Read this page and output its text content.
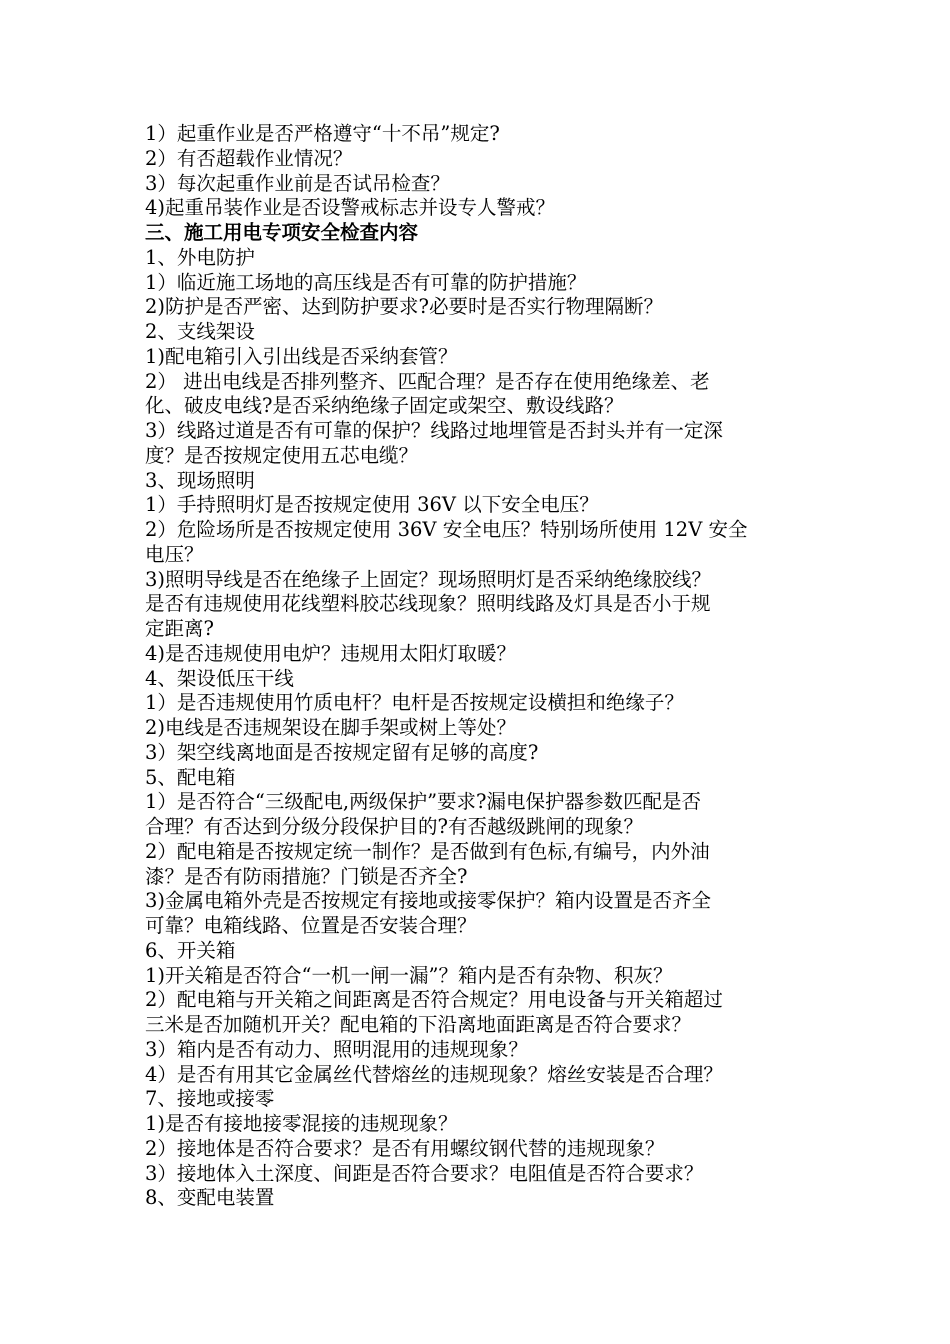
1）起重作业是否严格遵守“十不吊”规定?
2）有否超载作业情况？
3）每次起重作业前是否试吊检查？
4)起重吊装作业是否设警戒标志并设专人警戒？
三、施工用电专项安全检查内容
1、外电防护
1）临近施工场地的高压线是否有可靠的防护措施？
2)防护是否严密、达到防护要求?必要时是否实行物理隔断？
2、支线架设
1)配电箱引入引出线是否采纳套管？
2） 进出电线是否排列整齐、匹配合理？是否存在使用绝缘差、老
化、破皮电线?是否采纳绝缘子固定或架空、敷设线路？
3）线路过道是否有可靠的保护？线路过地埋管是否封头并有一定深
度？是否按规定使用五芯电缆？
3、现场照明
1）手持照明灯是否按规定使用 36V 以下安全电压？
2）危险场所是否按规定使用 36V 安全电压？特别场所使用 12V 安全
电压？
3)照明导线是否在绝缘子上固定？现场照明灯是否采纳绝缘胶线？
是否有违规使用花线塑料胶芯线现象？照明线路及灯具是否小于规
定距离?
4)是否违规使用电炉？违规用太阳灯取暖？
4、架设低压干线
1）是否违规使用竹质电杆？电杆是否按规定设横担和绝缘子？
2)电线是否违规架设在脚手架或树上等处？
3）架空线离地面是否按规定留有足够的高度?
5、配电箱
1）是否符合“三级配电,两级保护”要求?漏电保护器参数匹配是否
合理？有否达到分级分段保护目的?有否越级跳闸的现象？
2）配电箱是否按规定统一制作？是否做到有色标,有编号，内外油
漆？是否有防雨措施？门锁是否齐全?
3)金属电箱外壳是否按规定有接地或接零保护？箱内设置是否齐全
可靠？电箱线路、位置是否安装合理？
6、开关箱
1)开关箱是否符合“一机一闸一漏”？箱内是否有杂物、积灰？
2）配电箱与开关箱之间距离是否符合规定？用电设备与开关箱超过
三米是否加随机开关？配电箱的下沿离地面距离是否符合要求？
3）箱内是否有动力、照明混用的违规现象？
4）是否有用其它金属丝代替熔丝的违规现象？熔丝安装是否合理？
7、接地或接零
1)是否有接地接零混接的违规现象？
2）接地体是否符合要求？是否有用螺纹钢代替的违规现象？
3）接地体入土深度、间距是否符合要求？电阻值是否符合要求？
8、变配电装置
